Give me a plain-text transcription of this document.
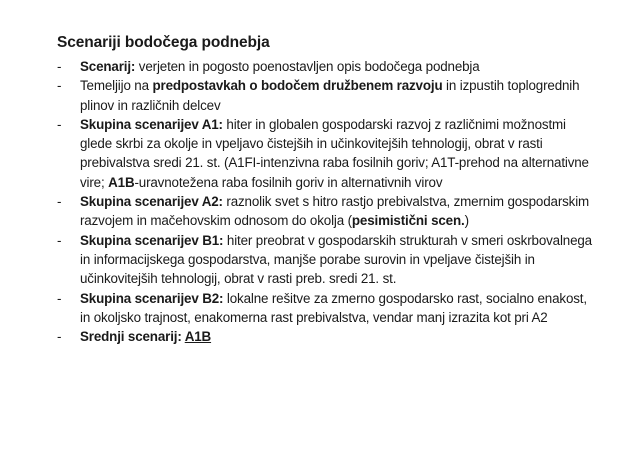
Scenariji bodočega podnebja
-	Scenarij: verjeten in pogosto poenostavljen opis bodočega podnebja
-	Temeljijo na predpostavkah o bodočem družbenem razvoju in izpustih toplogrednih plinov in različnih delcev
-	Skupina scenarijev A1: hiter in globalen gospodarski razvoj z različnimi možnostmi glede skrbi za okolje in vpeljavo čistejših in učinkovitejših tehnologij, obrat v rasti prebivalstva sredi 21. st. (A1FI-intenzivna raba fosilnih goriv; A1T-prehod na alternativne vire; A1B-uravnotežena raba fosilnih goriv in alternativnih virov
-	Skupina scenarijev A2: raznolik svet s hitro rastjo prebivalstva, zmernim gospodarskim razvojem in mačehovskim odnosom do okolja (pesimistični scen.)
-	Skupina scenarijev B1: hiter preobrat v gospodarskih strukturah v smeri oskrbovalnega in informacijskega gospodarstva, manjše porabe surovin in vpeljave čistejših in učinkovitejših tehnologij, obrat v rasti preb. sredi 21. st.
-	Skupina scenarijev B2: lokalne rešitve za zmerno gospodarsko rast, socialno enakost, in okoljsko trajnost, enakomerna rast prebivalstva, vendar manj izrazita kot pri A2
-	Srednji scenarij: A1B
